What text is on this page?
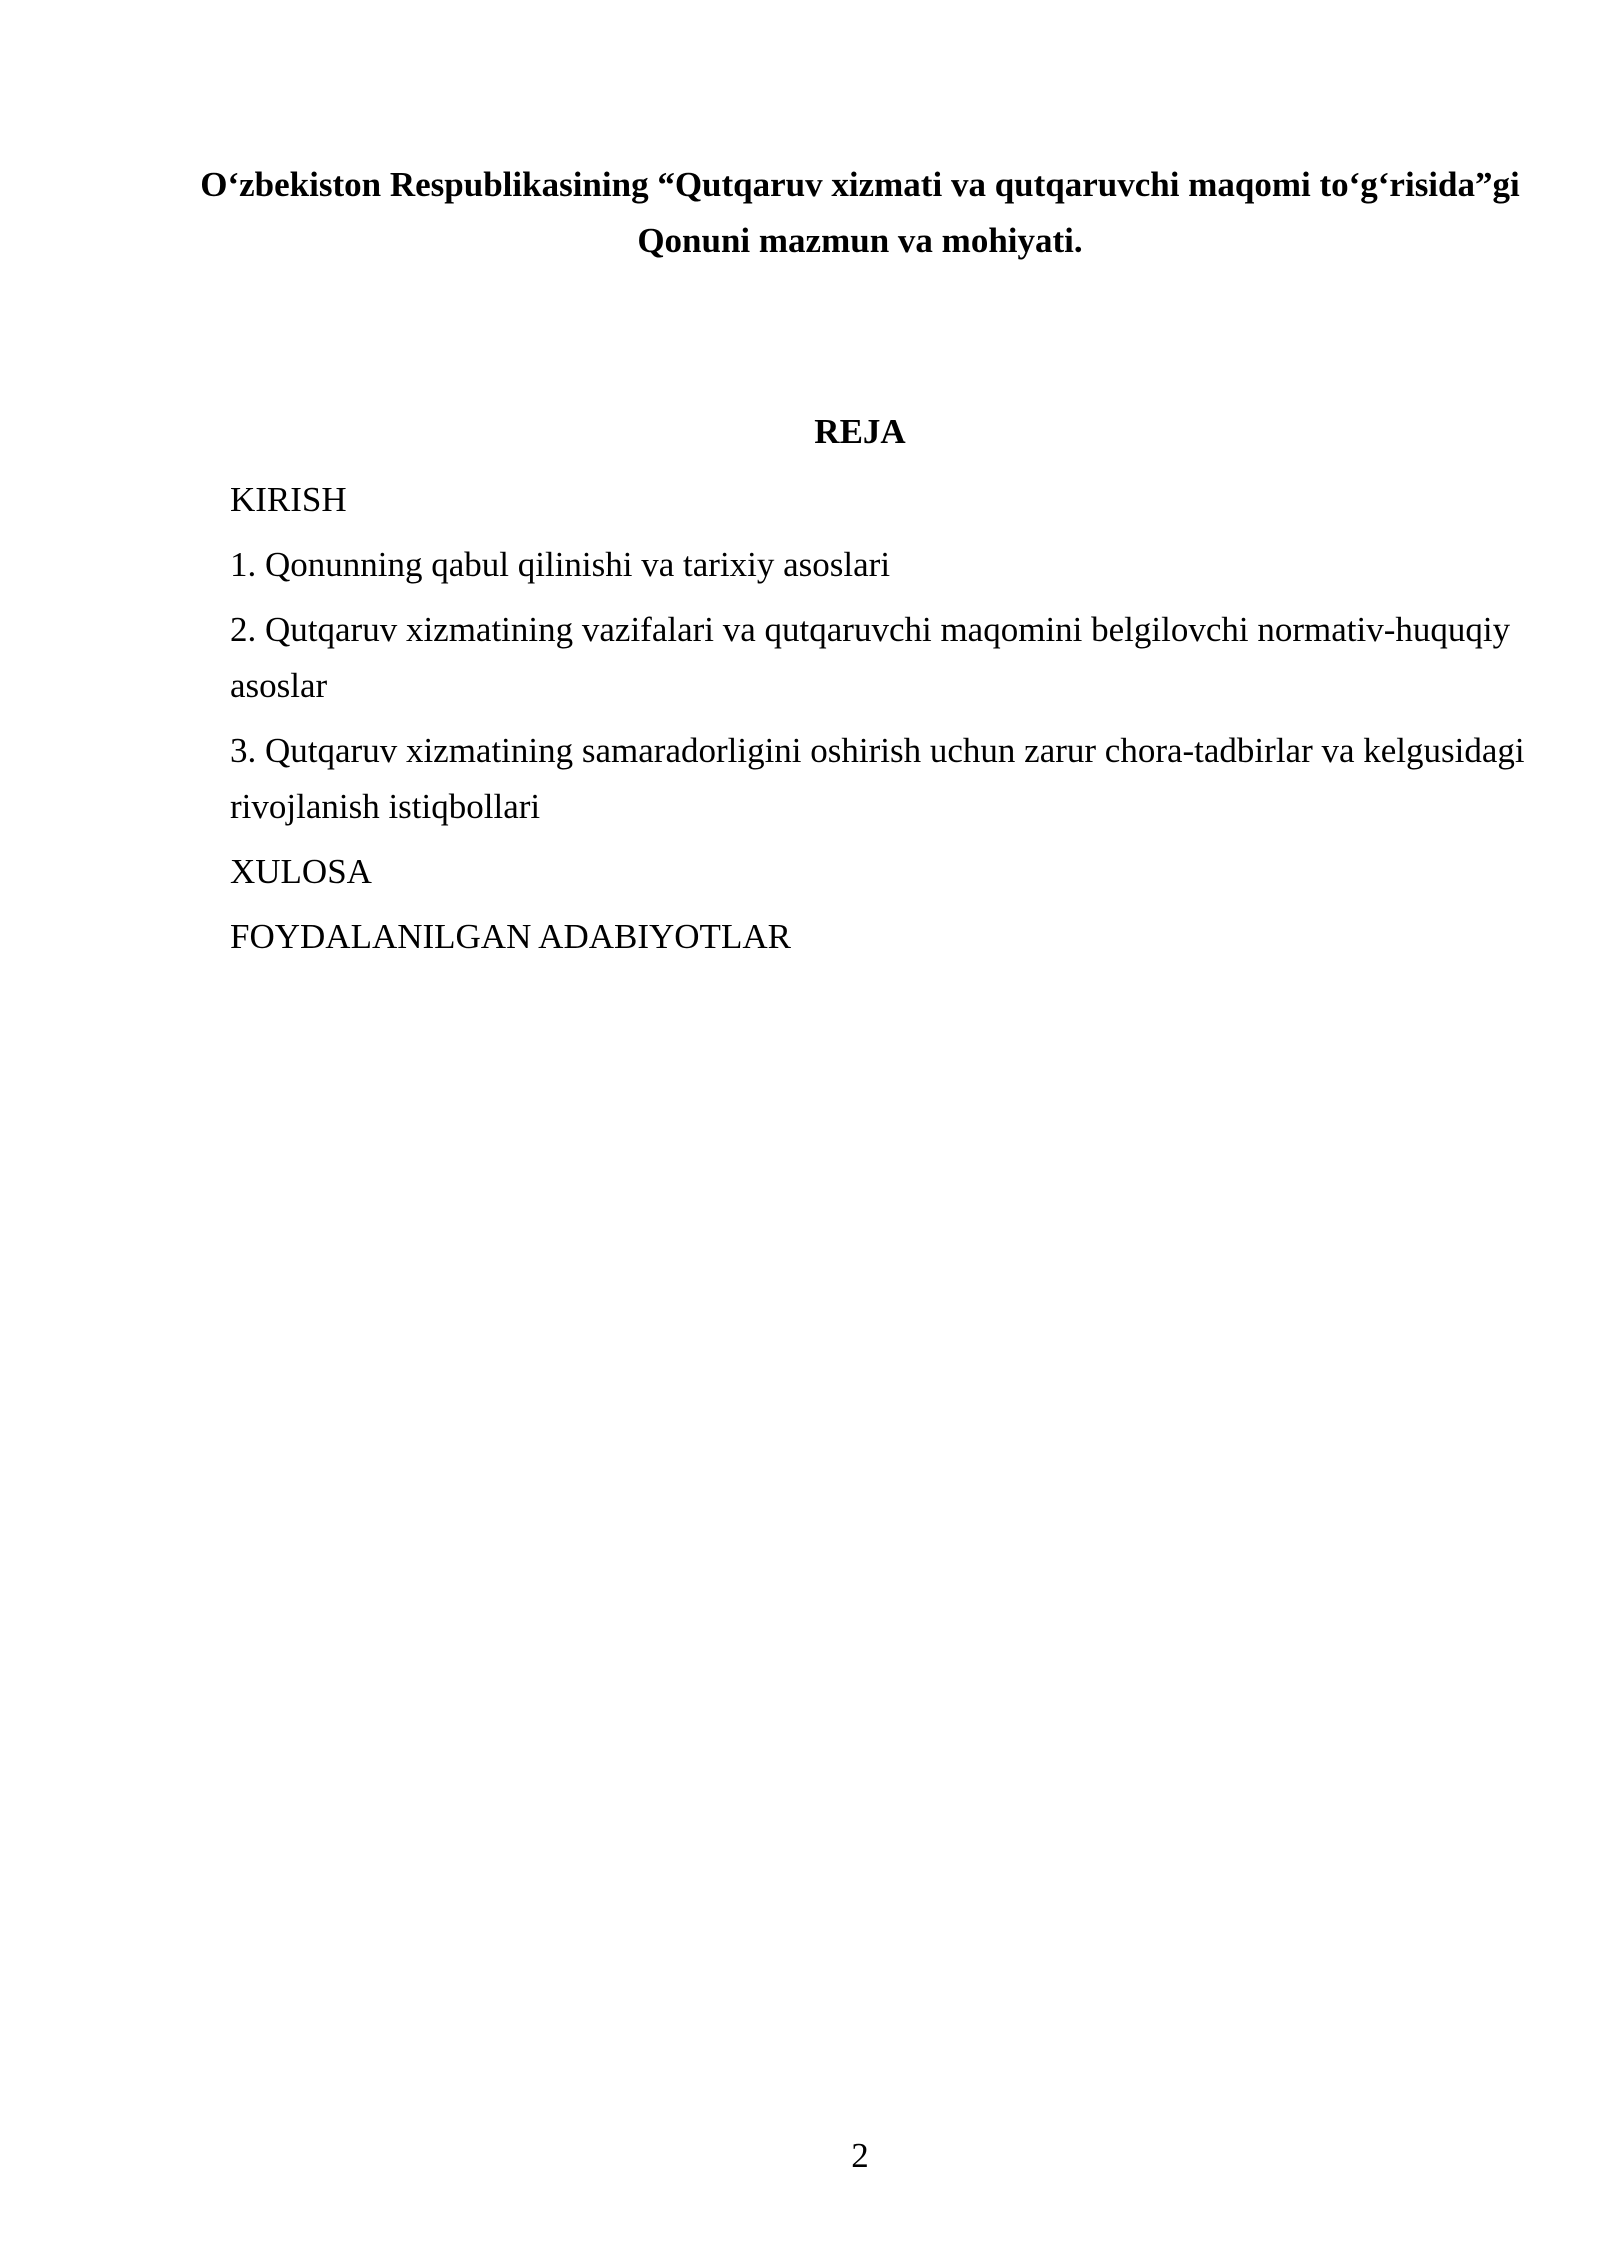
O‘zbekiston Respublikasining “Qutqaruv xizmati va qutqaruvchi maqomi to‘g‘risida”gi Qonuni mazmun va mohiyati.
REJA
KIRISH
1. Qonunning qabul qilinishi va tarixiy asoslari
2. Qutqaruv xizmatining vazifalari va qutqaruvchi maqomini belgilovchi normativ-huquqiy asoslar
3. Qutqaruv xizmatining samaradorligini oshirish uchun zarur chora-tadbirlar va kelgusidagi rivojlanish istiqbollari
XULOSA
FOYDALANILGAN ADABIYOTLAR
2
